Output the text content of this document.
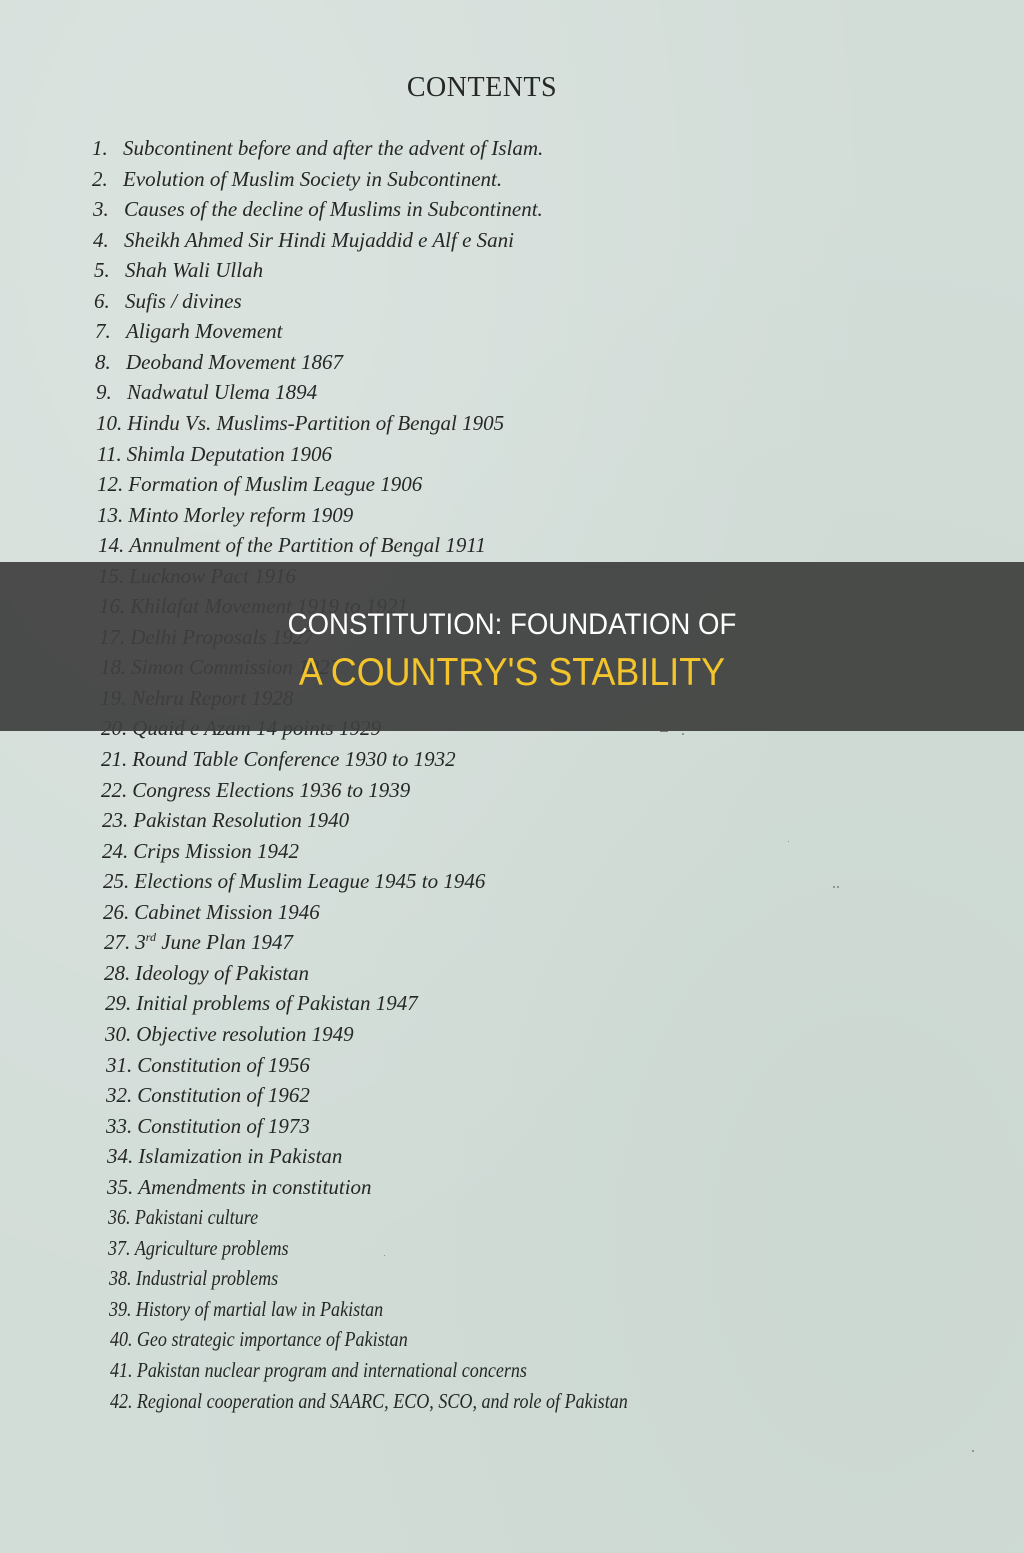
CONTENTS
1. Subcontinent before and after the advent of Islam.
2. Evolution of Muslim Society in Subcontinent.
3. Causes of the decline of Muslims in Subcontinent.
4. Sheikh Ahmed Sir Hindi Mujaddid e Alf e Sani
5. Shah Wali Ullah
6. Sufis / divines
7. Aligarh Movement
8. Deoband Movement 1867
9. Nadwatul Ulema 1894
10. Hindu Vs. Muslims-Partition of Bengal 1905
11. Shimla Deputation 1906
12. Formation of Muslim League 1906
13. Minto Morley reform 1909
14. Annulment of the Partition of Bengal 1911
21. Round Table Conference 1930 to 1932
22. Congress Elections 1936 to 1939
23. Pakistan Resolution 1940
24. Crips Mission 1942
25. Elections of Muslim League 1945 to 1946
26. Cabinet Mission 1946
27. 3rd June Plan 1947
28. Ideology of Pakistan
29. Initial problems of Pakistan 1947
30. Objective resolution 1949
31. Constitution of 1956
32. Constitution of 1962
33. Constitution of 1973
34. Islamization in Pakistan
35. Amendments in constitution
36. Pakistani culture
37. Agriculture problems
38. Industrial problems
39. History of martial law in Pakistan
40. Geo strategic importance of Pakistan
41. Pakistan nuclear program and international concerns
42. Regional cooperation and SAARC, ECO, SCO, and role of Pakistan
CONSTITUTION: FOUNDATION OF
A COUNTRY'S STABILITY
